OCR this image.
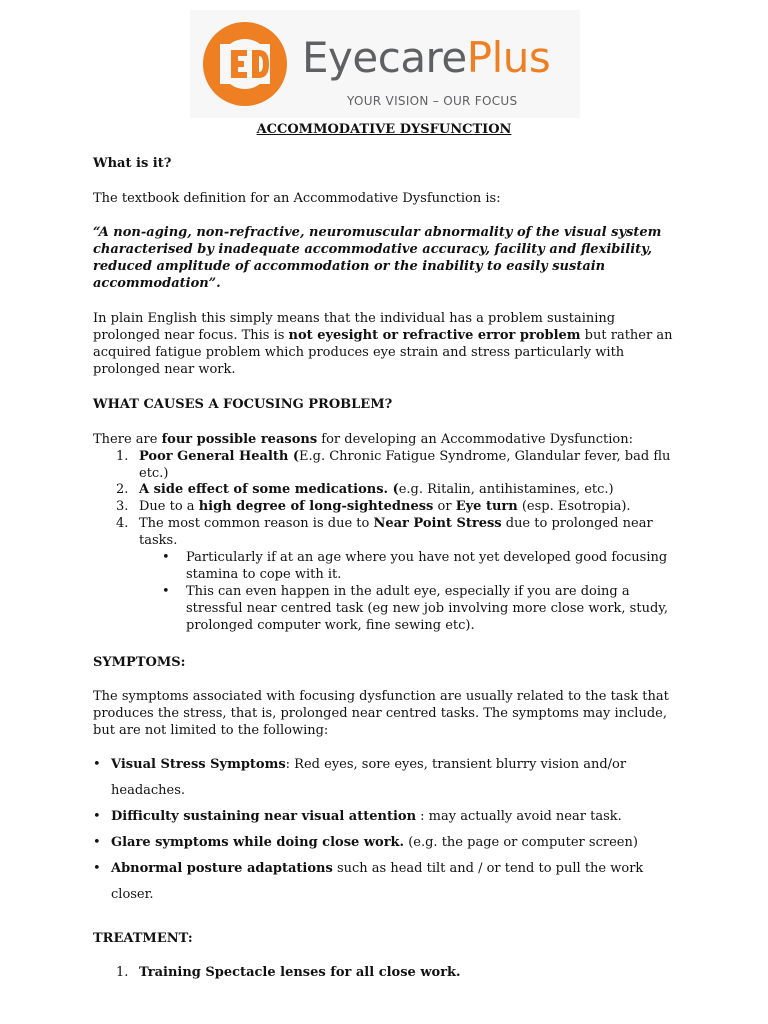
EyecarePlus
YOUR VISION – OUR FOCUS
ACCOMMODATIVE DYSFUNCTION
What is it?
The textbook definition for an Accommodative Dysfunction is:
“A non-aging, non-refractive, neuromuscular abnormality of the visual system
characterised by inadequate accommodative accuracy, facility and flexibility,
reduced amplitude of accommodation or the inability to easily sustain
accommodation”.
In plain English this simply means that the individual has a problem sustaining
prolonged near focus. This is not eyesight or refractive error problem but rather an
acquired fatigue problem which produces eye strain and stress particularly with
prolonged near work.
WHAT CAUSES A FOCUSING PROBLEM?
There are four possible reasons for developing an Accommodative Dysfunction:
1. Poor General Health (E.g. Chronic Fatigue Syndrome, Glandular fever, bad flu
etc.)
2. A side effect of some medications. (e.g. Ritalin, antihistamines, etc.)
3. Due to a high degree of long-sightedness or Eye turn (esp. Esotropia).
4. The most common reason is due to Near Point Stress due to prolonged near
tasks.
• Particularly if at an age where you have not yet developed good focusing
stamina to cope with it.
• This can even happen in the adult eye, especially if you are doing a
stressful near centred task (eg new job involving more close work, study,
prolonged computer work, fine sewing etc).
SYMPTOMS:
The symptoms associated with focusing dysfunction are usually related to the task that
produces the stress, that is, prolonged near centred tasks. The symptoms may include,
but are not limited to the following:
• Visual Stress Symptoms: Red eyes, sore eyes, transient blurry vision and/or
headaches.
• Difficulty sustaining near visual attention : may actually avoid near task.
• Glare symptoms while doing close work. (e.g. the page or computer screen)
• Abnormal posture adaptations such as head tilt and / or tend to pull the work
closer.
TREATMENT:
1. Training Spectacle lenses for all close work.
